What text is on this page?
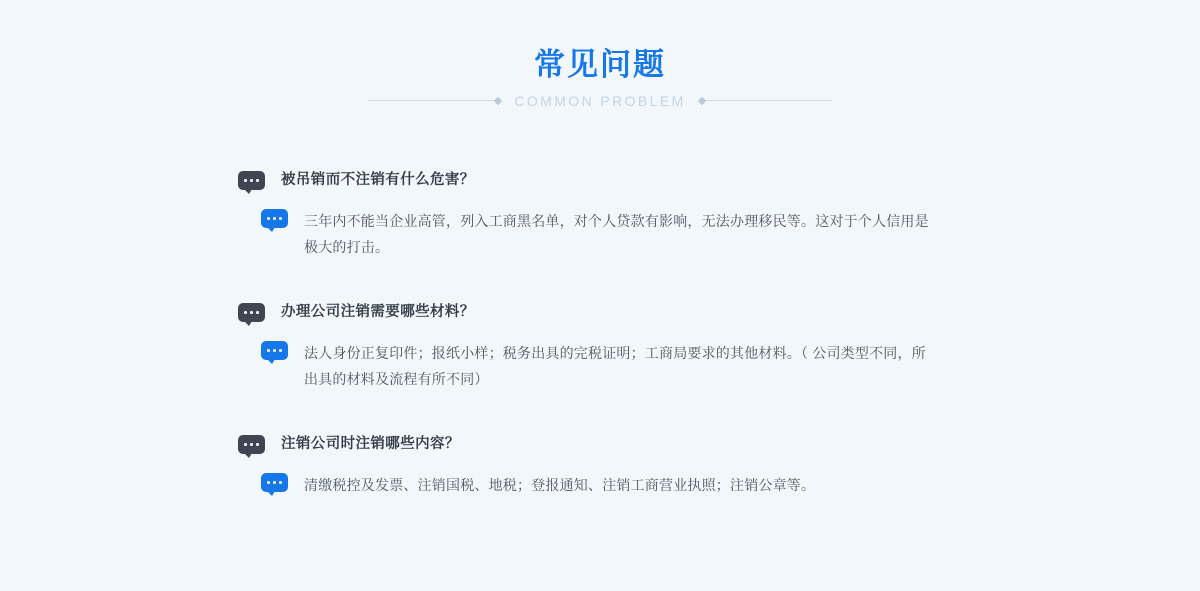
常见问题
COMMON PROBLEM
被吊销而不注销有什么危害？
三年内不能当企业高管，列入工商黑名单，对个人贷款有影响，无法办理移民等。这对于个人信用是极大的打击。
办理公司注销需要哪些材料？
法人身份正复印件；报纸小样；税务出具的完税证明；工商局要求的其他材料。（ 公司类型不同，所出具的材料及流程有所不同）
注销公司时注销哪些内容？
清缴税控及发票、注销国税、地税；登报通知、注销工商营业执照；注销公章等。
